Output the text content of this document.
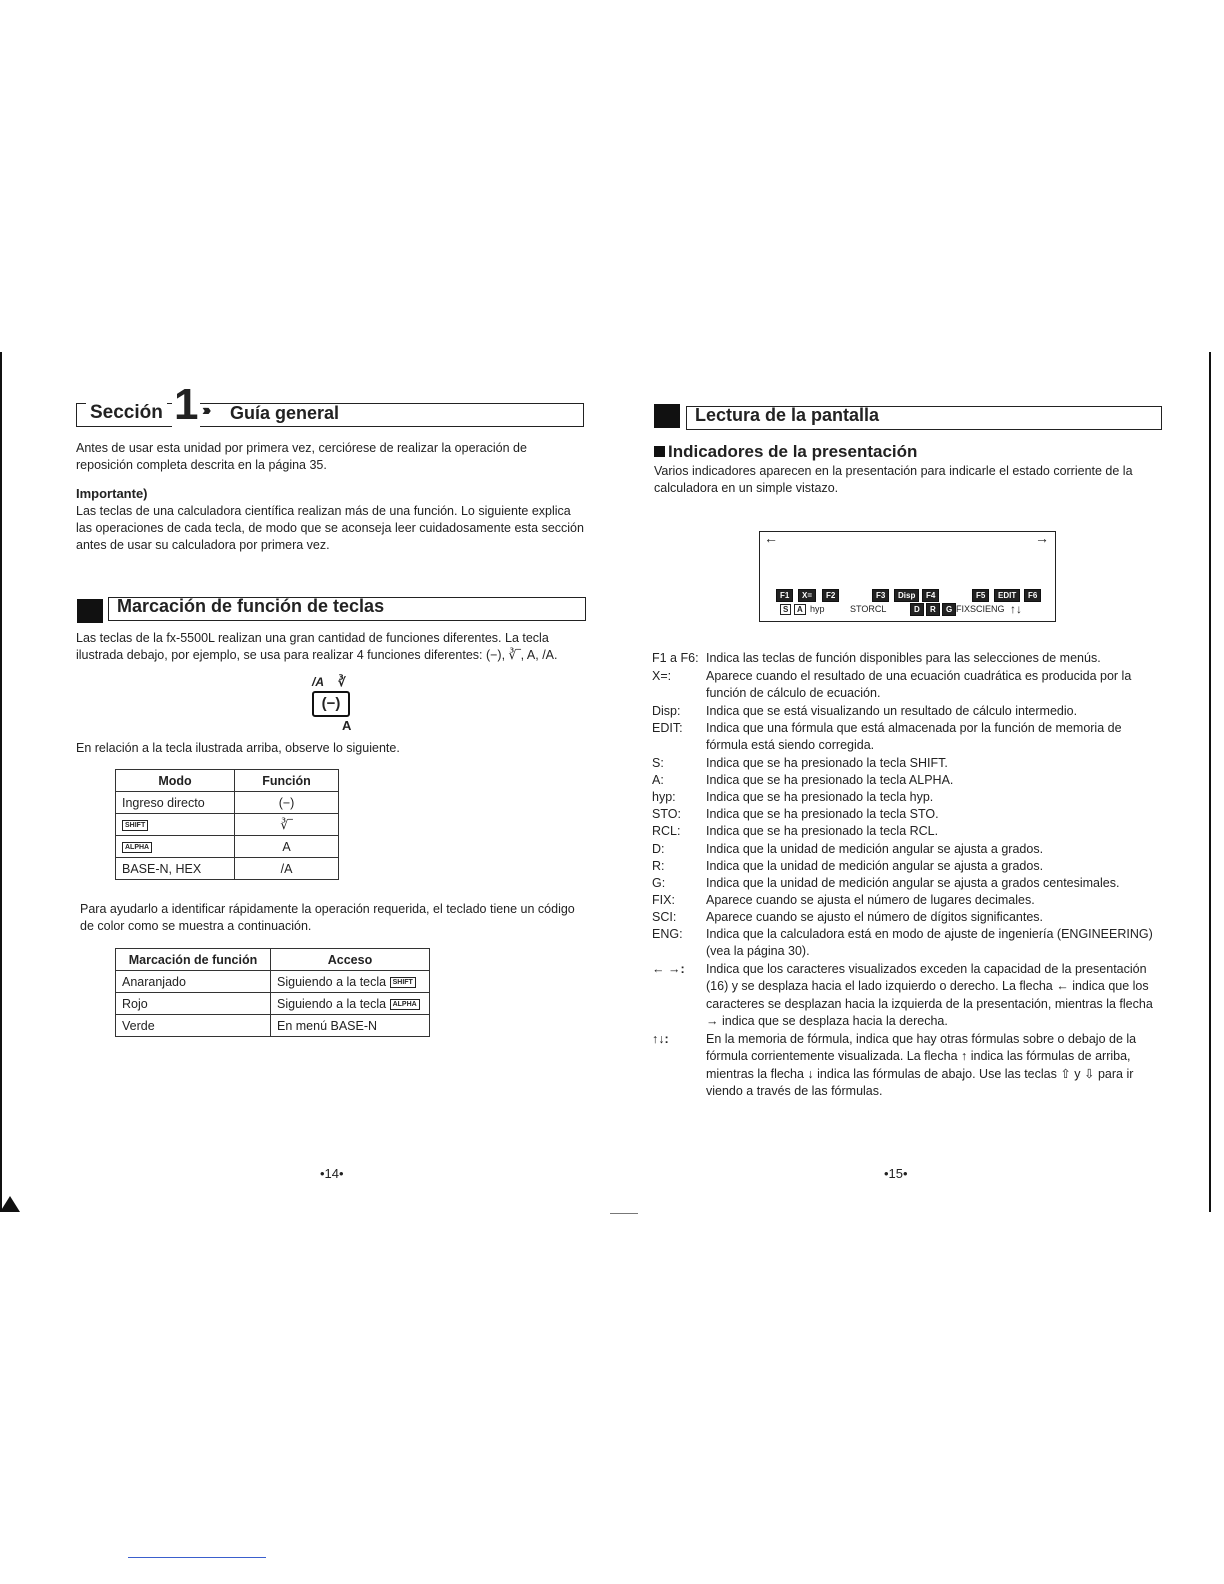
Sección 1 ›››› Guía general

Antes de usar esta unidad por primera vez, cerciórese de realizar la operación de reposición completa descrita en la página 35.

Importante)

Las teclas de una calculadora científica realizan más de una función. Lo siguiente explica las operaciones de cada tecla, de modo que se aconseja leer cuidadosamente esta sección antes de usar su calculadora por primera vez.

Marcación de función de teclas

Las teclas de la fx-5500L realizan una gran cantidad de funciones diferentes. La tecla ilustrada debajo, por ejemplo, se usa para realizar 4 funciones diferentes: (−), ∛‾, A, /A.

/A ∛
(−)
A

En relación a la tecla ilustrada arriba, observe lo siguiente.

Modo	Función
Ingreso directo	(−)
SHIFT	∛‾
ALPHA	A
BASE-N, HEX	/A

Para ayudarlo a identificar rápidamente la operación requerida, el teclado tiene un código de color como se muestra a continuación.

Marcación de función	Acceso
Anaranjado	Siguiendo a la tecla SHIFT
Rojo	Siguiendo a la tecla ALPHA
Verde	En menú BASE-N
•14•
Lectura de la pantalla
Indicadores de la presentación

Varios indicadores aparecen en la presentación para indicarle el estado corriente de la calculadora en un simple vistazo.

←	→
F1	X=	F2	F3	Disp	F4	F5	EDIT	F6
S	A hyp	STORCL	D	R	G FIXSCIENG ↑↓
F1 a F6: Indica las teclas de función disponibles para las selecciones de menús.
X=:	Aparece cuando el resultado de una ecuación cuadrática es producida por la función de cálculo de ecuación.
Disp: Indica que se está visualizando un resultado de cálculo intermedio.
EDIT: Indica que una fórmula que está almacenada por la función de memoria de fórmula está siendo corregida.
S:	Indica que se ha presionado la tecla SHIFT.
A:	Indica que se ha presionado la tecla ALPHA.
hyp: Indica que se ha presionado la tecla hyp.
STO: Indica que se ha presionado la tecla STO.
RCL: Indica que se ha presionado la tecla RCL.
D:	Indica que la unidad de medición angular se ajusta a grados.
R:	Indica que la unidad de medición angular se ajusta a grados.
G:	Indica que la unidad de medición angular se ajusta a grados centesimales.
FIX: Aparece cuando se ajusta el número de lugares decimales.
SCI: Aparece cuando se ajusto el número de dígitos significantes.
ENG: Indica que la calculadora está en modo de ajuste de ingeniería (ENGINEERING) (vea la página 30).
← →: Indica que los caracteres visualizados exceden la capacidad de la presentación (16) y se desplaza hacia el lado izquierdo o derecho. La flecha ← indica que los caracteres se desplazan hacia la izquierda de la presentación, mientras la flecha → indica que se desplaza hacia la derecha.
↑↓:	En la memoria de fórmula, indica que hay otras fórmulas sobre o debajo de la fórmula corrientemente visualizada. La flecha ↑ indica las fórmulas de arriba, mientras la flecha ↓ indica las fórmulas de abajo. Use las teclas ⇧ y ⇩ para ir viendo a través de las fórmulas.
•15•
